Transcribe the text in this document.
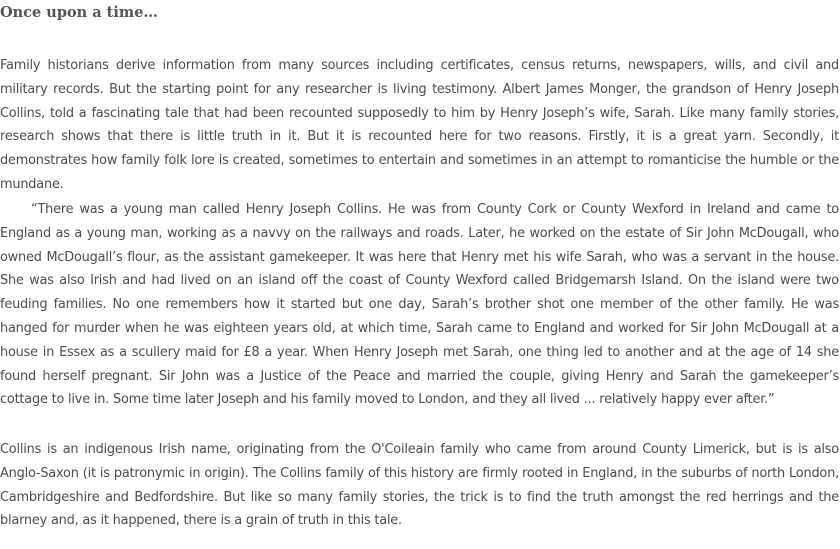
Once upon a time…

Family historians derive information from many sources including certificates, census returns, newspapers, wills, and civil and military records. But the starting point for any researcher is living testimony. Albert James Monger, the grandson of Henry Joseph Collins, told a fascinating tale that had been recounted supposedly to him by Henry Joseph’s wife, Sarah. Like many family stories, research shows that there is little truth in it. But it is recounted here for two reasons. Firstly, it is a great yarn. Secondly, it demonstrates how family folk lore is created, sometimes to entertain and sometimes in an attempt to romanticise the humble or the mundane.

“There was a young man called Henry Joseph Collins. He was from County Cork or County Wexford in Ireland and came to England as a young man, working as a navvy on the railways and roads. Later, he worked on the estate of Sir John McDougall, who owned McDougall’s flour, as the assistant gamekeeper. It was here that Henry met his wife Sarah, who was a servant in the house. She was also Irish and had lived on an island off the coast of County Wexford called Bridgemarsh Island. On the island were two feuding families. No one remembers how it started but one day, Sarah’s brother shot one member of the other family. He was hanged for murder when he was eighteen years old, at which time, Sarah came to England and worked for Sir John McDougall at a house in Essex as a scullery maid for £8 a year. When Henry Joseph met Sarah, one thing led to another and at the age of 14 she found herself pregnant. Sir John was a Justice of the Peace and married the couple, giving Henry and Sarah the gamekeeper’s cottage to live in. Some time later Joseph and his family moved to London, and they all lived ... relatively happy ever after.”

Collins is an indigenous Irish name, originating from the O'Coileain family who came from around County Limerick, but is is also Anglo-Saxon (it is patronymic in origin). The Collins family of this history are firmly rooted in England, in the suburbs of north London, Cambridgeshire and Bedfordshire. But like so many family stories, the trick is to find the truth amongst the red herrings and the blarney and, as it happened, there is a grain of truth in this tale.
